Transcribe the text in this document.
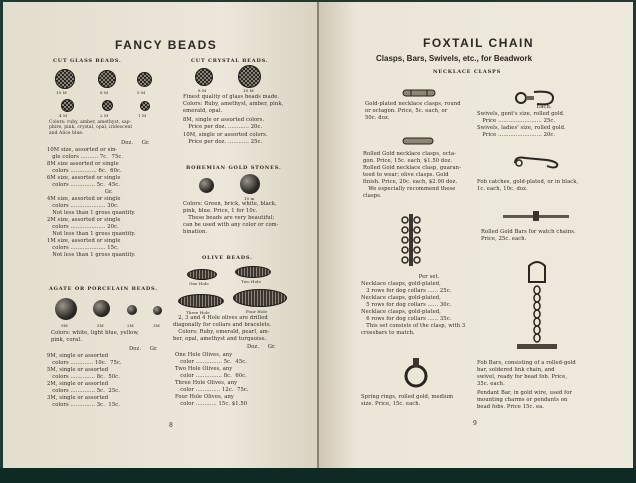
FANCY BEADS
CUT GLASS BEADS.
10 M	8 M	5 M
4 M	2 M	1 M
Colors: ruby, amber, amethyst, sap-
phire, pink, crystal, opal, iridescent
and Alice blue.
Doz.     Gr.
10M size, assorted or sin-
gle colors .......... 7c.  75c.
8M size assorted or single
colors ............... 6c.  60c.
6M size, assorted or single
colors .............. 5c.  45c.
Gr.
4M size, assorted or single
colors .................... 30c.
Not less than 1 gross quantity.
2M size, assorted or single
colors .................... 20c.
Not less than 1 gross quantity.
1M size, assorted or single
colors .................... 15c.
Not less than 1 gross quantity.
CUT CRYSTAL BEADS.
8 M	10 M
Finest quality of glass beads made.
Colors: Ruby, amethyst, amber, pink,
emerald, opal.
8M, single or assorted colors.
Price per doz. ............ 20c.
10M, single or assorted colors.
Price per doz. ............ 25c.
BOHEMIAN GOLD STONES.
10 m
Colors: Green, brick, white, black,
pink, blue. Price, 1 for 10c.
These beads are very beautiful;
can be used with any color or com-
bination.
OLIVE BEADS.
One Hole	Two Hole
Three Hole	Four Hole
2, 3 and 4 Hole olives are drilled
diagonally for collars and bracelets.
Colors: Ruby, emerald, pearl, am-
ber, opal, amethyst and turquoise.
Doz.     Gr.
One Hole Olives, any
color ............... 5c.  45c.
Two Hole Olives, any
color ............... 8c.  60c.
Three Hole Olives, any
color .............. 12c.  75c.
Four Hole Olives, any
color ............ 15c. $1.50
AGATE OR PORCELAIN BEADS.
9M	5M	2M	3M
Colors: white, light blue, yellow,
pink, coral.
Doz.     Gr.
9M, single or assorted
colors ............. 10c.  75c.
5M, single or assorted
colors .............. 8c.  50c.
2M, single or assorted
colors .............. 5c.  25c.
3M, single or assorted
colors .............. 3c.  15c.
8
FOXTAIL CHAIN
Clasps, Bars, Swivels, etc., for Beadwork
NECKLACE CLASPS
Gold-plated necklace clasps, round
or octagon. Price, 5c. each, or
50c. doz.
Rolled Gold necklace clasps, octa-
gon. Price, 15c. each, $1.50 doz.
Rolled Gold necklace clasp, guaran-
teed to wear; olive clasps. Gold
finish. Price, 20c. each, $2.00 doz.
We especially recommend these
clasps.
Each.
Swivels, gent's size, rolled gold.
Price ......................... 25c.
Swivels, ladies' size, rolled gold.
Price ......................... 20c.
Fob catches, gold-plated, or in black,
1c. each, 10c. doz.
Rolled Gold Bars for watch chains.
Price, 25c. each.
Per set.
Necklace clasps, gold-plated,
3 rows for dog collars ...... 25c.
Necklace clasps, gold-plated,
5 rows for dog collars ...... 30c.
Necklace clasps, gold-plated,
6 rows for dog collars ...... 35c.
This set consists of the clasp, with 3
crossbars to match.
Fob Bars, consisting of a rolled-gold
bar, soldered link chain, and
swivel, ready for bead fob. Price,
35c. each.
Pendant Bar, in gold wire, used for
mounting charms or pendants on
bead fobs. Price 15c. ea.
Spring rings, rolled gold, medium
size. Price, 15c. each.
9
